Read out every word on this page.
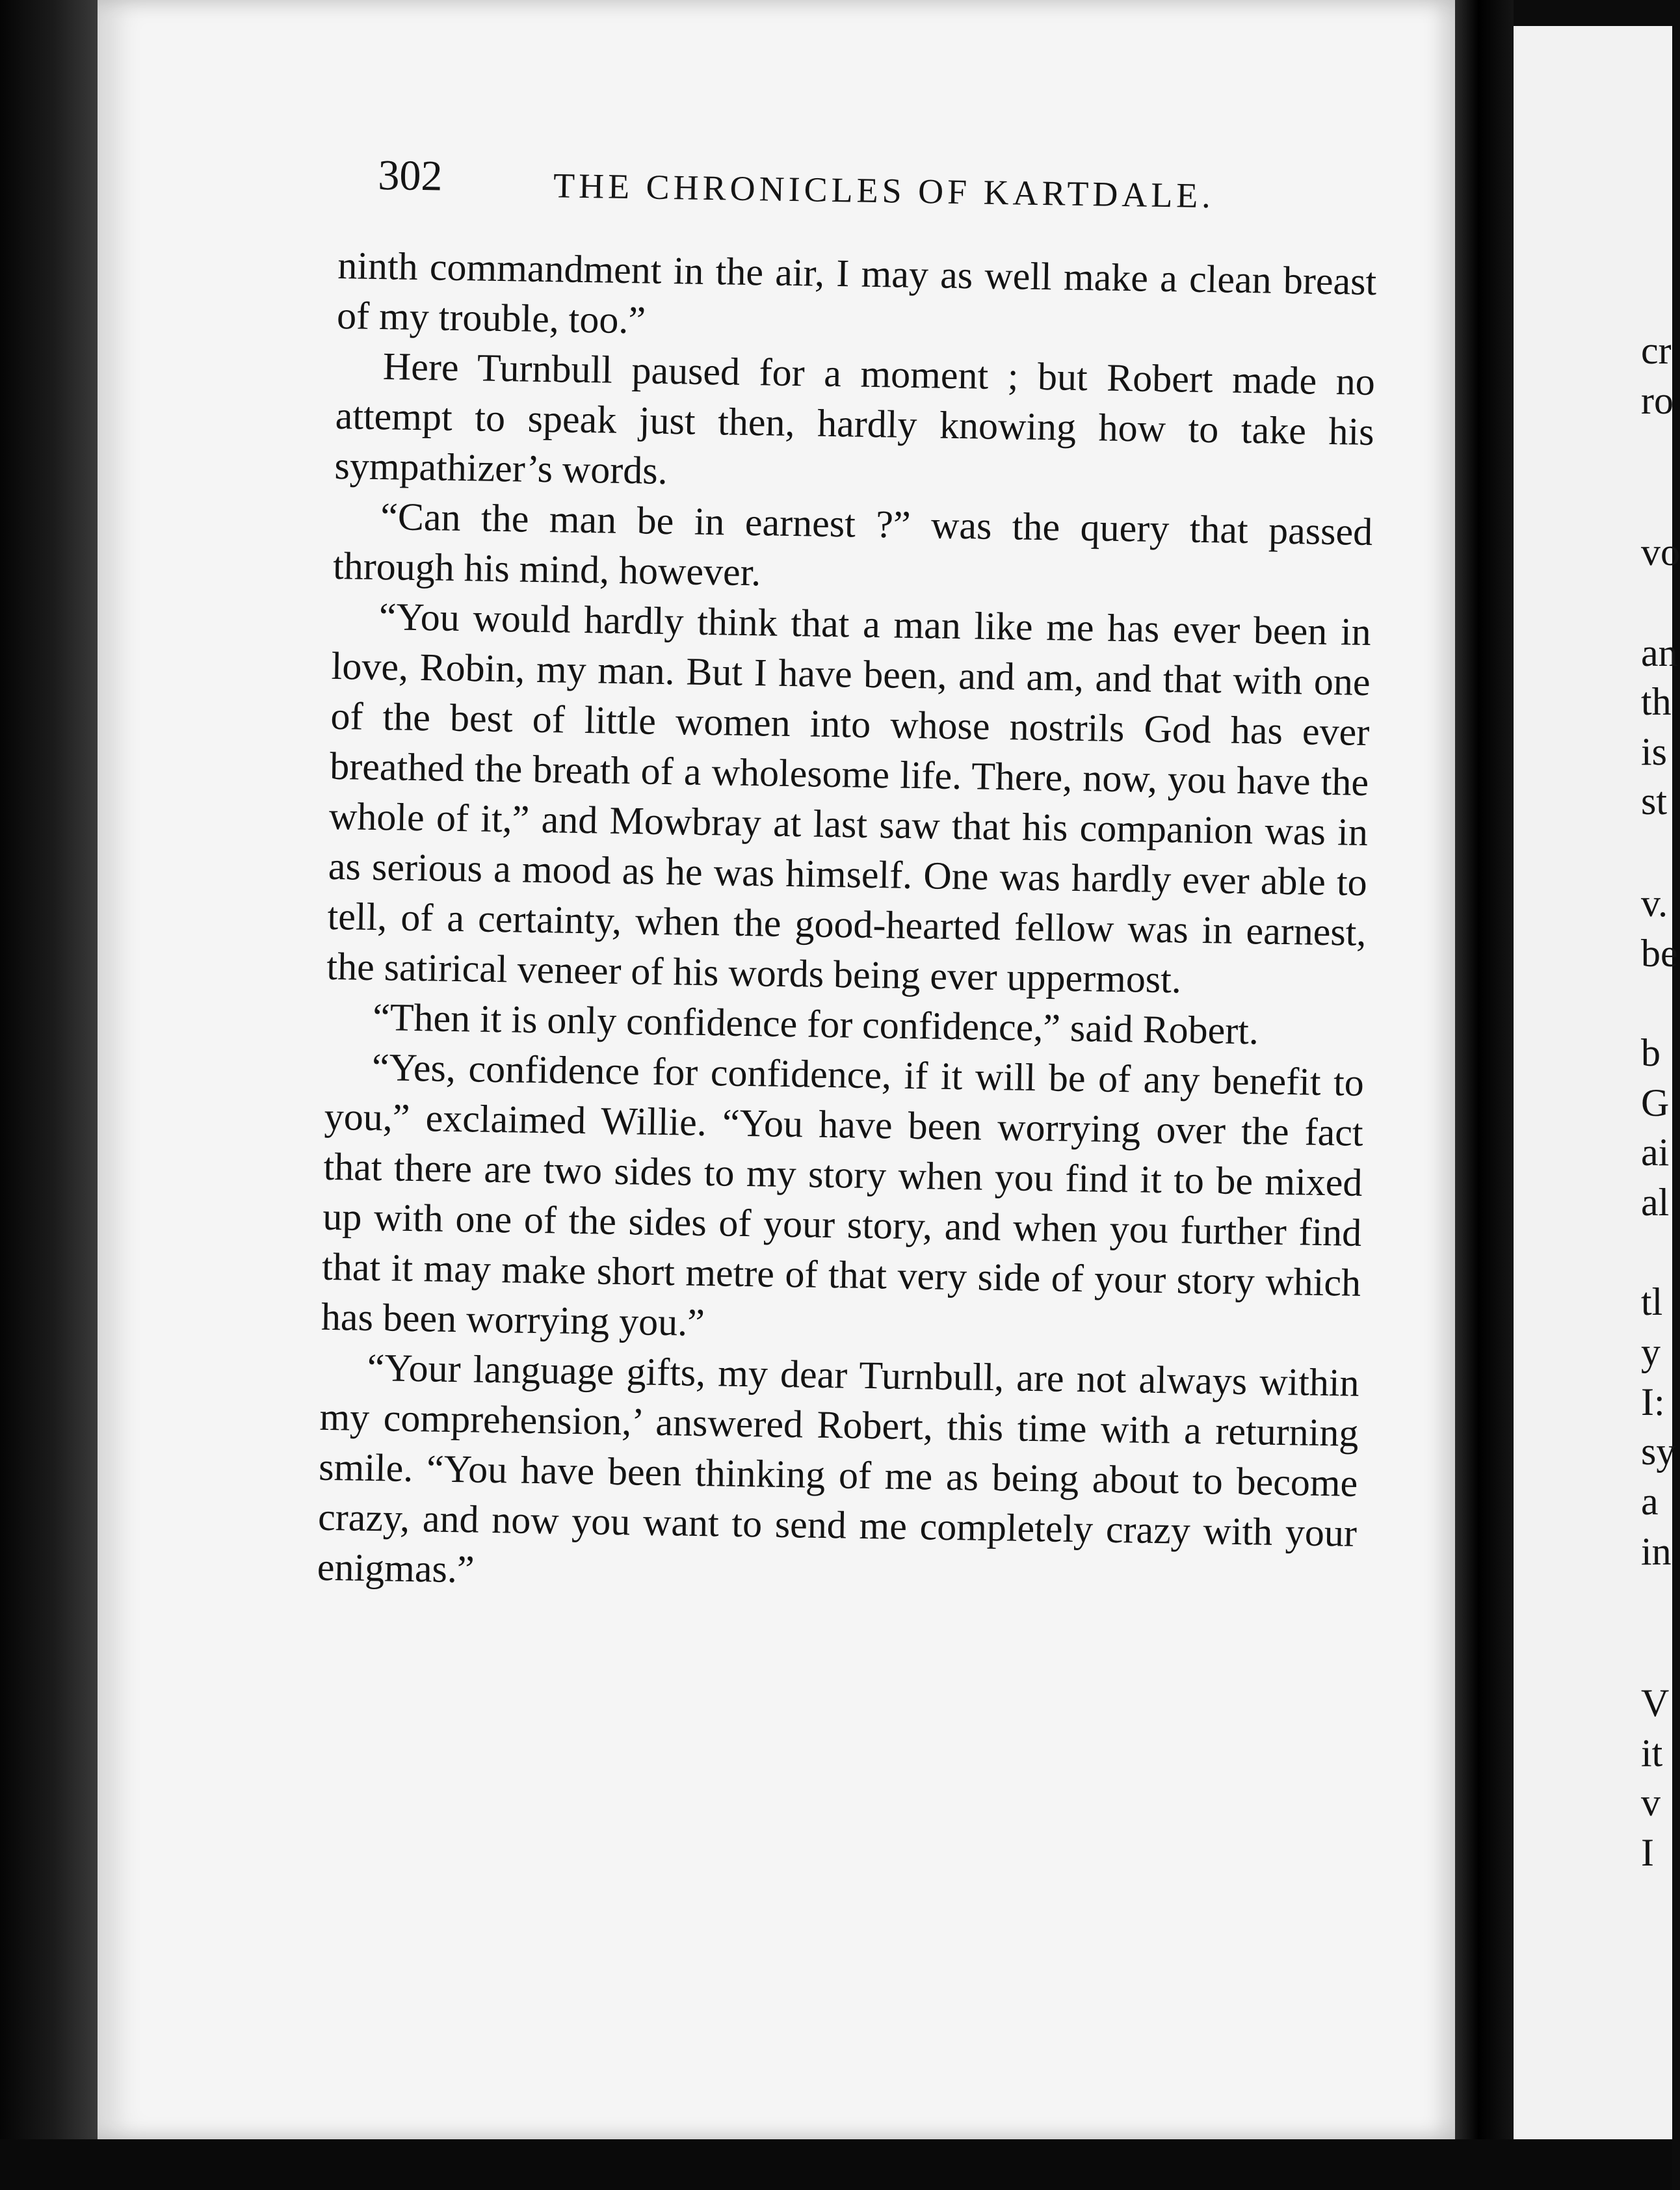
302	THE CHRONICLES OF KARTDALE.

ninth commandment in the air, I may as well make a clean breast of my trouble, too.”

Here Turnbull paused for a moment ; but Robert made no attempt to speak just then, hardly knowing how to take his sympathizer’s words.

“Can the man be in earnest ?” was the query that passed through his mind, however.

“You would hardly think that a man like me has ever been in love, Robin, my man. But I have been, and am, and that with one of the best of little women into whose nostrils God has ever breathed the breath of a wholesome life. There, now, you have the whole of it,” and Mowbray at last saw that his companion was in as serious a mood as he was himself. One was hardly ever able to tell, of a certainty, when the good-hearted fellow was in earnest, the satirical veneer of his words being ever uppermost.

“Then it is only confidence for confidence,” said Robert.

“Yes, confidence for confidence, if it will be of any benefit to you,” exclaimed Willie. “You have been worrying over the fact that there are two sides to my story when you find it to be mixed up with one of the sides of your story, and when you further find that it may make short metre of that very side of your story which has been worrying you.”

“Your language gifts, my dear Turnbull, are not always within my comprehension,’ answered Robert, this time with a returning smile. “You have been thinking of me as being about to become crazy, and now you want to send me completely crazy with your enigmas.”

cr
ro
vo
an
th
is
st
v.
be
b
G
ai
al
tl
y
I:
sy
a
in
V
it
v
I
